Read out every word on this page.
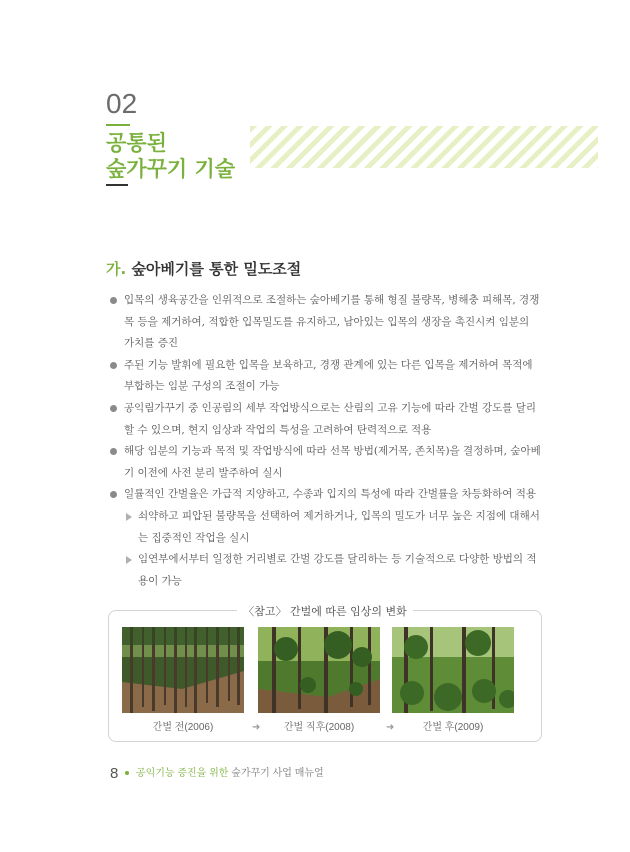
02
공통된
숲가꾸기 기술
가. 숲아베기를 통한 밀도조절

입목의 생육공간을 인위적으로 조절하는 숲아베기를 통해 형질 불량목, 병해충 피해목, 경쟁목 등을 제거하여, 적합한 입목밀도를 유지하고, 남아있는 입목의 생장을 촉진시켜 임분의 가치를 증진

주된 기능 발휘에 필요한 입목을 보육하고, 경쟁 관계에 있는 다른 입목을 제거하여 목적에 부합하는 임분 구성의 조절이 가능

공익림가꾸기 중 인공림의 세부 작업방식으로는 산림의 고유 기능에 따라 간벌 강도를 달리할 수 있으며, 현지 임상과 작업의 특성을 고려하여 탄력적으로 적용

해당 임분의 기능과 목적 및 작업방식에 따라 선목 방법(제거목, 존치목)을 결정하며, 숲아베기 이전에 사전 분리 발주하여 실시

일률적인 간벌율은 가급적 지양하고, 수종과 입지의 특성에 따라 간벌률을 차등화하여 적용

쇠약하고 피압된 불량목을 선택하여 제거하거나, 입목의 밀도가 너무 높은 지점에 대해서는 집중적인 작업을 실시

임연부에서부터 일정한 거리별로 간벌 강도를 달리하는 등 기술적으로 다양한 방법의 적용이 가능

〈참고〉 간벌에 따른 임상의 변화
간벌 전(2006)	➜	간벌 직후(2008)	➜	간벌 후(2009)
8 공익기능 증진을 위한 숲가꾸기 사업 매뉴얼
